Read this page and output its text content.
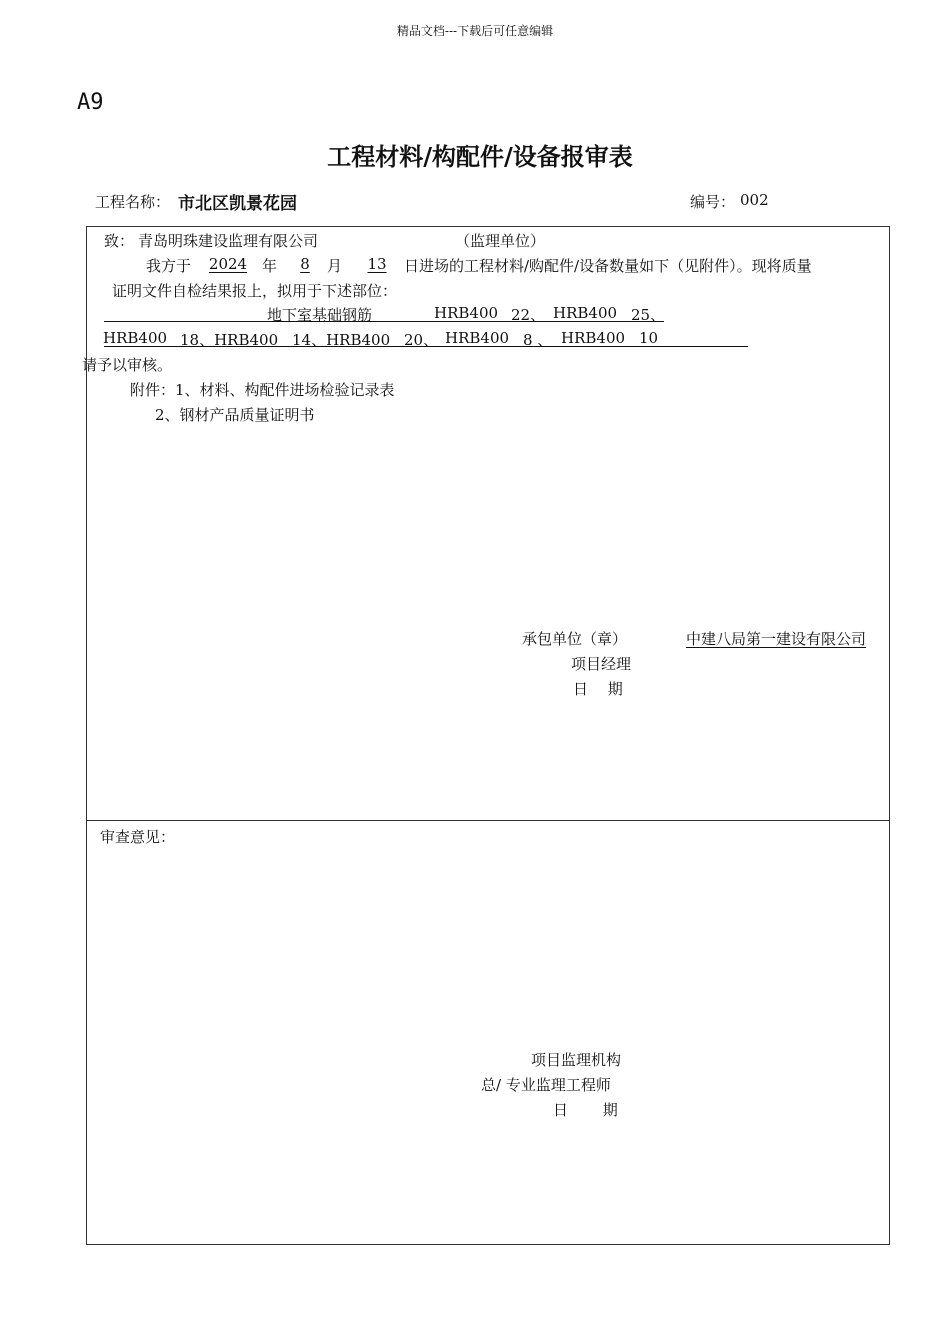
精品文档---下载后可任意编辑
A9
工程材料/构配件/设备报审表
工程名称： 市北区凯景花园	编号： 002
致： 青岛明珠建设监理有限公司	（监理单位）
我方于	2024 年	8	月	13	日进场的工程材料/购配件/设备数量如下（见附件）。现将质量
证明文件自检结果报上，拟用于下述部位：
地下室基础钢筋	HRB400 22、 HRB400 25、
HRB400 18、HRB400 14、HRB400 20、 HRB400 8 、 HRB400 10
请予以审核。
附件：1、材料、构配件进场检验记录表
2、钢材产品质量证明书
承包单位（章）	中建八局第一建设有限公司
项目经理
日　 期
审查意见：
项目监理机构
总/ 专业监理工程师
日　　 期
